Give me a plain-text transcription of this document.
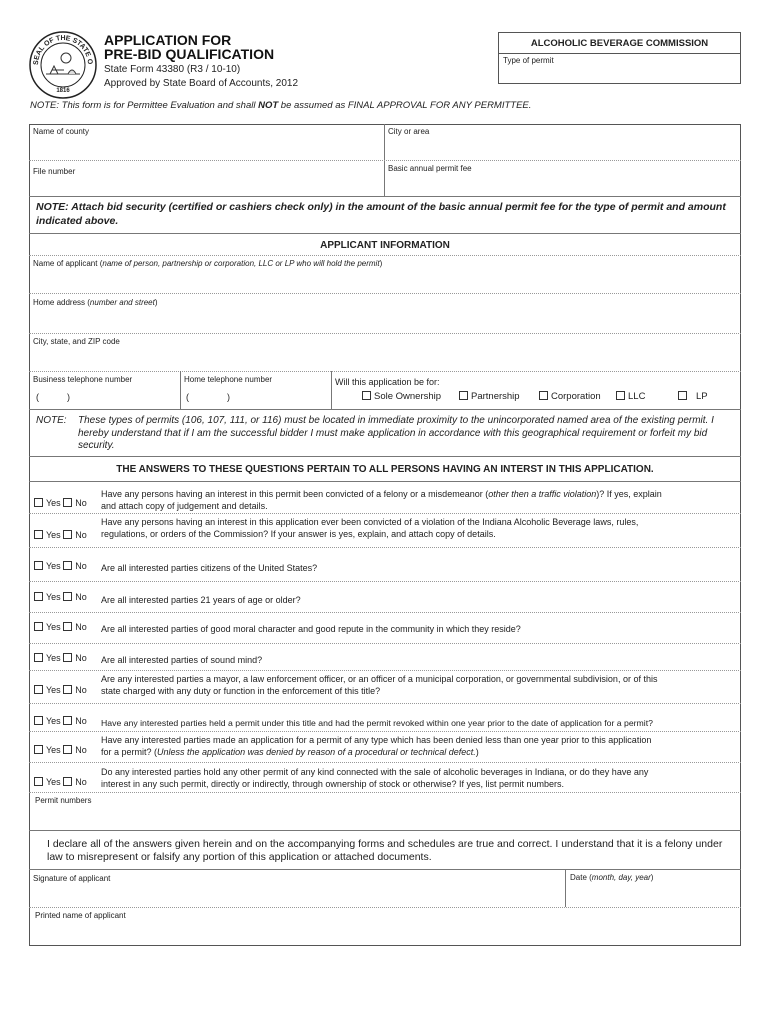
SEAL OF THE STATE O
1816
APPLICATION FOR
PRE-BID QUALIFICATION
State Form 43380 (R3 / 10-10)
Approved by State Board of Accounts, 2012
ALCOHOLIC BEVERAGE COMMISSION
Type of permit
NOTE: This form is for Permittee Evaluation and shall NOT be assumed as FINAL APPROVAL FOR ANY PERMITTEE.
Name of county	City or area
File number	Basic annual permit fee
NOTE: Attach bid security (certified or cashiers check only) in the amount of the basic annual permit fee for the type of permit and amount indicated above.
APPLICANT INFORMATION
Name of applicant (name of person, partnership or corporation, LLC or LP who will hold the permit)
Home address (number and street)
City, state, and ZIP code
Business telephone number
(	)
Home telephone number
(	)
Will this application be for:
Sole Ownership	Partnership	Corporation	LLC	LP
NOTE:	These types of permits (106, 107, 111, or 116) must be located in immediate proximity to the unincorporated named area of the existing permit. I hereby understand that if I am the successful bidder I must make application in accordance with this geographical requirement or forfeit my bid security.
THE ANSWERS TO THESE QUESTIONS PERTAIN TO ALL PERSONS HAVING AN INTERST IN THIS APPLICATION.
Yes No
Have any persons having an interest in this permit been convicted of a felony or a misdemeanor (other then a traffic violation)? If yes, explain
and attach copy of judgement and details.
Yes No
Have any persons having an interest in this application ever been convicted of a violation of the Indiana Alcoholic Beverage laws, rules,
regulations, or orders of the Commission? If your answer is yes, explain, and attach copy of details.
Yes No Are all interested parties citizens of the United States?
Yes No Are all interested parties 21 years of age or older?
Yes No Are all interested parties of good moral character and good repute in the community in which they reside?
Yes No Are all interested parties of sound mind?
Yes No
Are any interested parties a mayor, a law enforcement officer, or an officer of a municipal corporation, or governmental subdivision, or of this
state charged with any duty or function in the enforcement of this title?
Yes No Have any interested parties held a permit under this title and had the permit revoked within one year prior to the date of application for a permit?
Yes No
Have any interested parties made an application for a permit of any type which has been denied less than one year prior to this application
for a permit? (Unless the application was denied by reason of a procedural or technical defect.)
Yes No
Do any interested parties hold any other permit of any kind connected with the sale of alcoholic beverages in Indiana, or do they have any
interest in any such permit, directly or indirectly, through ownership of stock or otherwise? If yes, list permit numbers.
Permit numbers
I declare all of the answers given herein and on the accompanying forms and schedules are true and correct. I understand that it is a felony under law to misrepresent or falsify any portion of this application or attached documents.
Signature of applicant	Date (month, day, year)
Printed name of applicant
